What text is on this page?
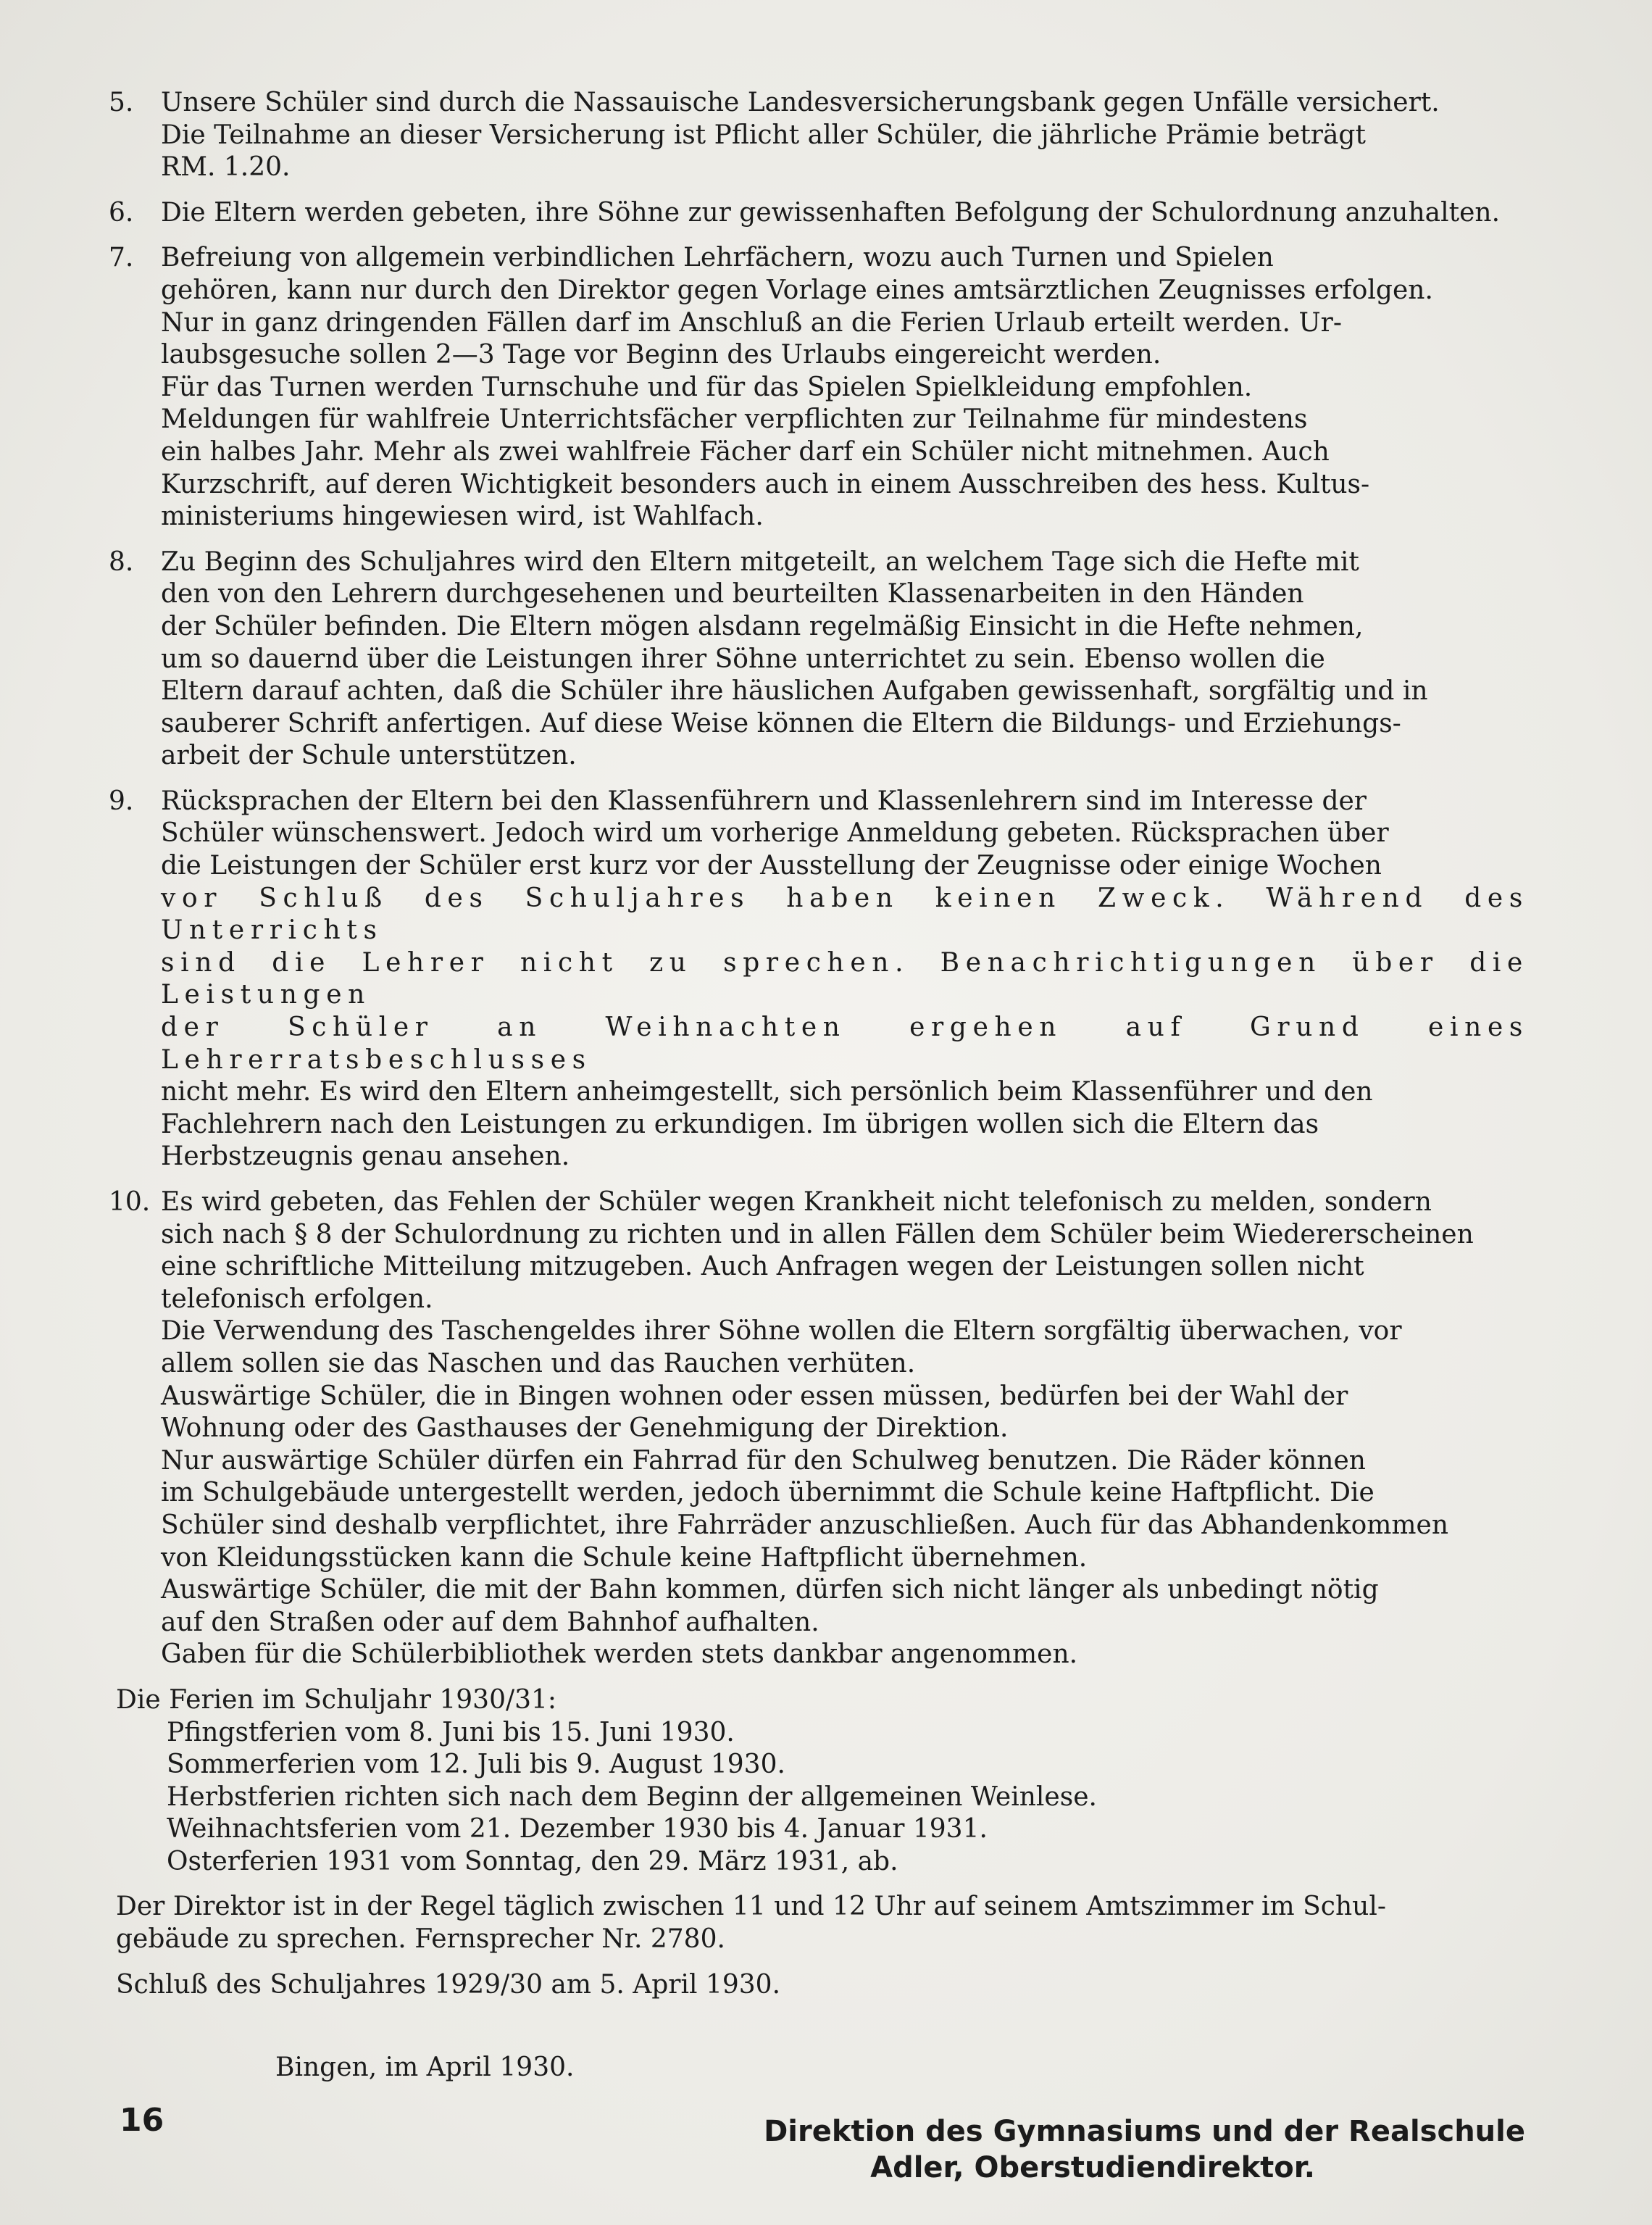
5. Unsere Schüler sind durch die Nassauische Landesversicherungsbank gegen Unfälle versichert.

Die Teilnahme an dieser Versicherung ist Pflicht aller Schüler, die jährliche Prämie beträgt

RM. 1.20.

6. Die Eltern werden gebeten, ihre Söhne zur gewissenhaften Befolgung der Schulordnung anzuhalten.

7. Befreiung von allgemein verbindlichen Lehrfächern, wozu auch Turnen und Spielen

gehören, kann nur durch den Direktor gegen Vorlage eines amtsärztlichen Zeugnisses erfolgen.

Nur in ganz dringenden Fällen darf im Anschluß an die Ferien Urlaub erteilt werden. Ur-

laubsgesuche sollen 2—3 Tage vor Beginn des Urlaubs eingereicht werden.

Für das Turnen werden Turnschuhe und für das Spielen Spielkleidung empfohlen.

Meldungen für wahlfreie Unterrichtsfächer verpflichten zur Teilnahme für mindestens

ein halbes Jahr. Mehr als zwei wahlfreie Fächer darf ein Schüler nicht mitnehmen. Auch

Kurzschrift, auf deren Wichtigkeit besonders auch in einem Ausschreiben des hess. Kultus-

ministeriums hingewiesen wird, ist Wahlfach.

8. Zu Beginn des Schuljahres wird den Eltern mitgeteilt, an welchem Tage sich die Hefte mit

den von den Lehrern durchgesehenen und beurteilten Klassenarbeiten in den Händen

der Schüler befinden. Die Eltern mögen alsdann regelmäßig Einsicht in die Hefte nehmen,

um so dauernd über die Leistungen ihrer Söhne unterrichtet zu sein. Ebenso wollen die

Eltern darauf achten, daß die Schüler ihre häuslichen Aufgaben gewissenhaft, sorgfältig und in

sauberer Schrift anfertigen. Auf diese Weise können die Eltern die Bildungs- und Erziehungs-

arbeit der Schule unterstützen.

9. Rücksprachen der Eltern bei den Klassenführern und Klassenlehrern sind im Interesse der

Schüler wünschenswert. Jedoch wird um vorherige Anmeldung gebeten. Rücksprachen über

die Leistungen der Schüler erst kurz vor der Ausstellung der Zeugnisse oder einige Wochen

vor Schluß des Schuljahres haben keinen Zweck. Während des Unterrichts

sind die Lehrer nicht zu sprechen. Benachrichtigungen über die Leistungen

der Schüler an Weihnachten ergehen auf Grund eines Lehrerratsbeschlusses

nicht mehr. Es wird den Eltern anheimgestellt, sich persönlich beim Klassenführer und den

Fachlehrern nach den Leistungen zu erkundigen. Im übrigen wollen sich die Eltern das

Herbstzeugnis genau ansehen.

10. Es wird gebeten, das Fehlen der Schüler wegen Krankheit nicht telefonisch zu melden, sondern

sich nach § 8 der Schulordnung zu richten und in allen Fällen dem Schüler beim Wiedererscheinen

eine schriftliche Mitteilung mitzugeben. Auch Anfragen wegen der Leistungen sollen nicht

telefonisch erfolgen.

Die Verwendung des Taschengeldes ihrer Söhne wollen die Eltern sorgfältig überwachen, vor

allem sollen sie das Naschen und das Rauchen verhüten.

Auswärtige Schüler, die in Bingen wohnen oder essen müssen, bedürfen bei der Wahl der

Wohnung oder des Gasthauses der Genehmigung der Direktion.

Nur auswärtige Schüler dürfen ein Fahrrad für den Schulweg benutzen. Die Räder können

im Schulgebäude untergestellt werden, jedoch übernimmt die Schule keine Haftpflicht. Die

Schüler sind deshalb verpflichtet, ihre Fahrräder anzuschließen. Auch für das Abhandenkommen

von Kleidungsstücken kann die Schule keine Haftpflicht übernehmen.

Auswärtige Schüler, die mit der Bahn kommen, dürfen sich nicht länger als unbedingt nötig

auf den Straßen oder auf dem Bahnhof aufhalten.

Gaben für die Schülerbibliothek werden stets dankbar angenommen.

Die Ferien im Schuljahr 1930/31:

Pfingstferien vom 8. Juni bis 15. Juni 1930.

Sommerferien vom 12. Juli bis 9. August 1930.

Herbstferien richten sich nach dem Beginn der allgemeinen Weinlese.

Weihnachtsferien vom 21. Dezember 1930 bis 4. Januar 1931.

Osterferien 1931 vom Sonntag, den 29. März 1931, ab.

Der Direktor ist in der Regel täglich zwischen 11 und 12 Uhr auf seinem Amtszimmer im Schul-

gebäude zu sprechen. Fernsprecher Nr. 2780.

Schluß des Schuljahres 1929/30 am 5. April 1930.

Bingen, im April 1930.
Direktion des Gymnasiums und der Realschule
Adler, Oberstudiendirektor.
16
